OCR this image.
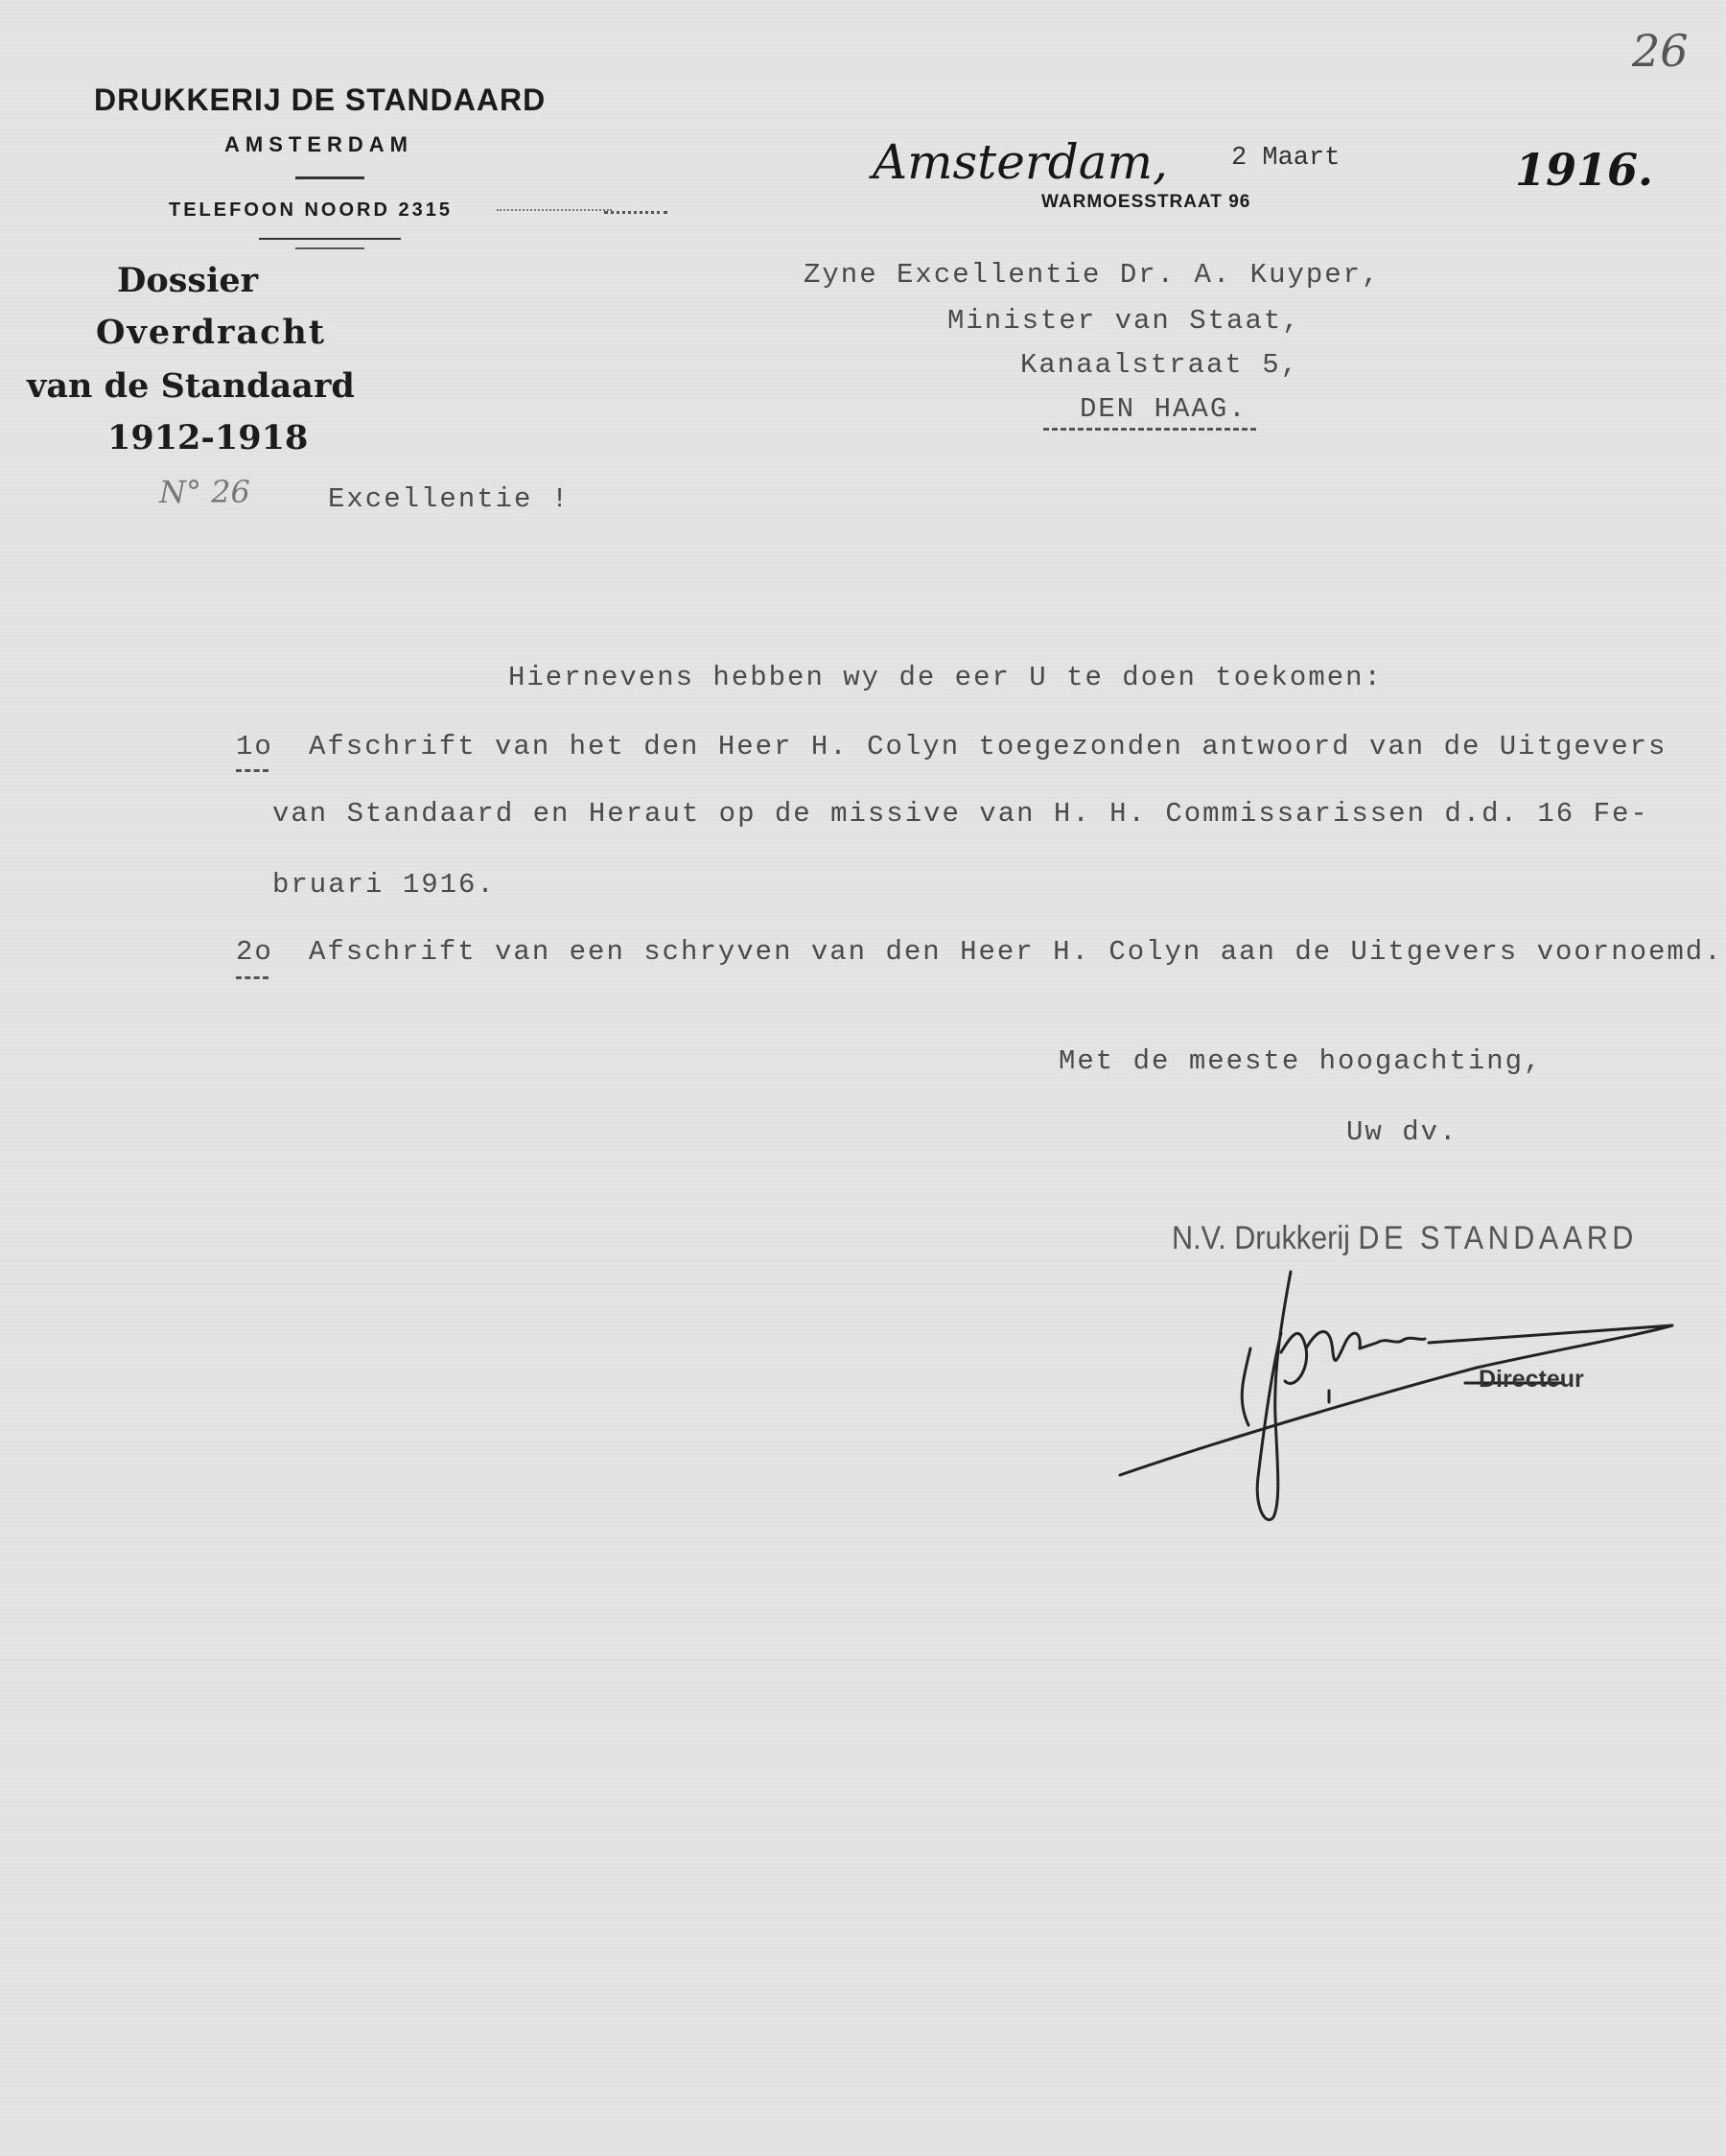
26
DRUKKERIJ DE STANDAARD
AMSTERDAM
TELEFOON NOORD 2315
Dossier
Overdracht
van de Standaard
1912-1918
N° 26
Amsterdam,
WARMOESSTRAAT 96
2 Maart	1916.
Zyne Excellentie Dr. A. Kuyper,
Minister van Staat,
Kanaalstraat 5,
DEN HAAG.
Excellentie !
Hiernevens hebben wy de eer U te doen toekomen:
1o Afschrift van het den Heer H. Colyn toegezonden antwoord van de Uitgevers
van Standaard en Heraut op de missive van H. H. Commissarissen d.d. 16 Fe-
bruari 1916.
2o Afschrift van een schryven van den Heer H. Colyn aan de Uitgevers voornoemd.
Met de meeste hoogachting,
Uw dv.
N.V. Drukkerij DE STANDAARD
Directeur
